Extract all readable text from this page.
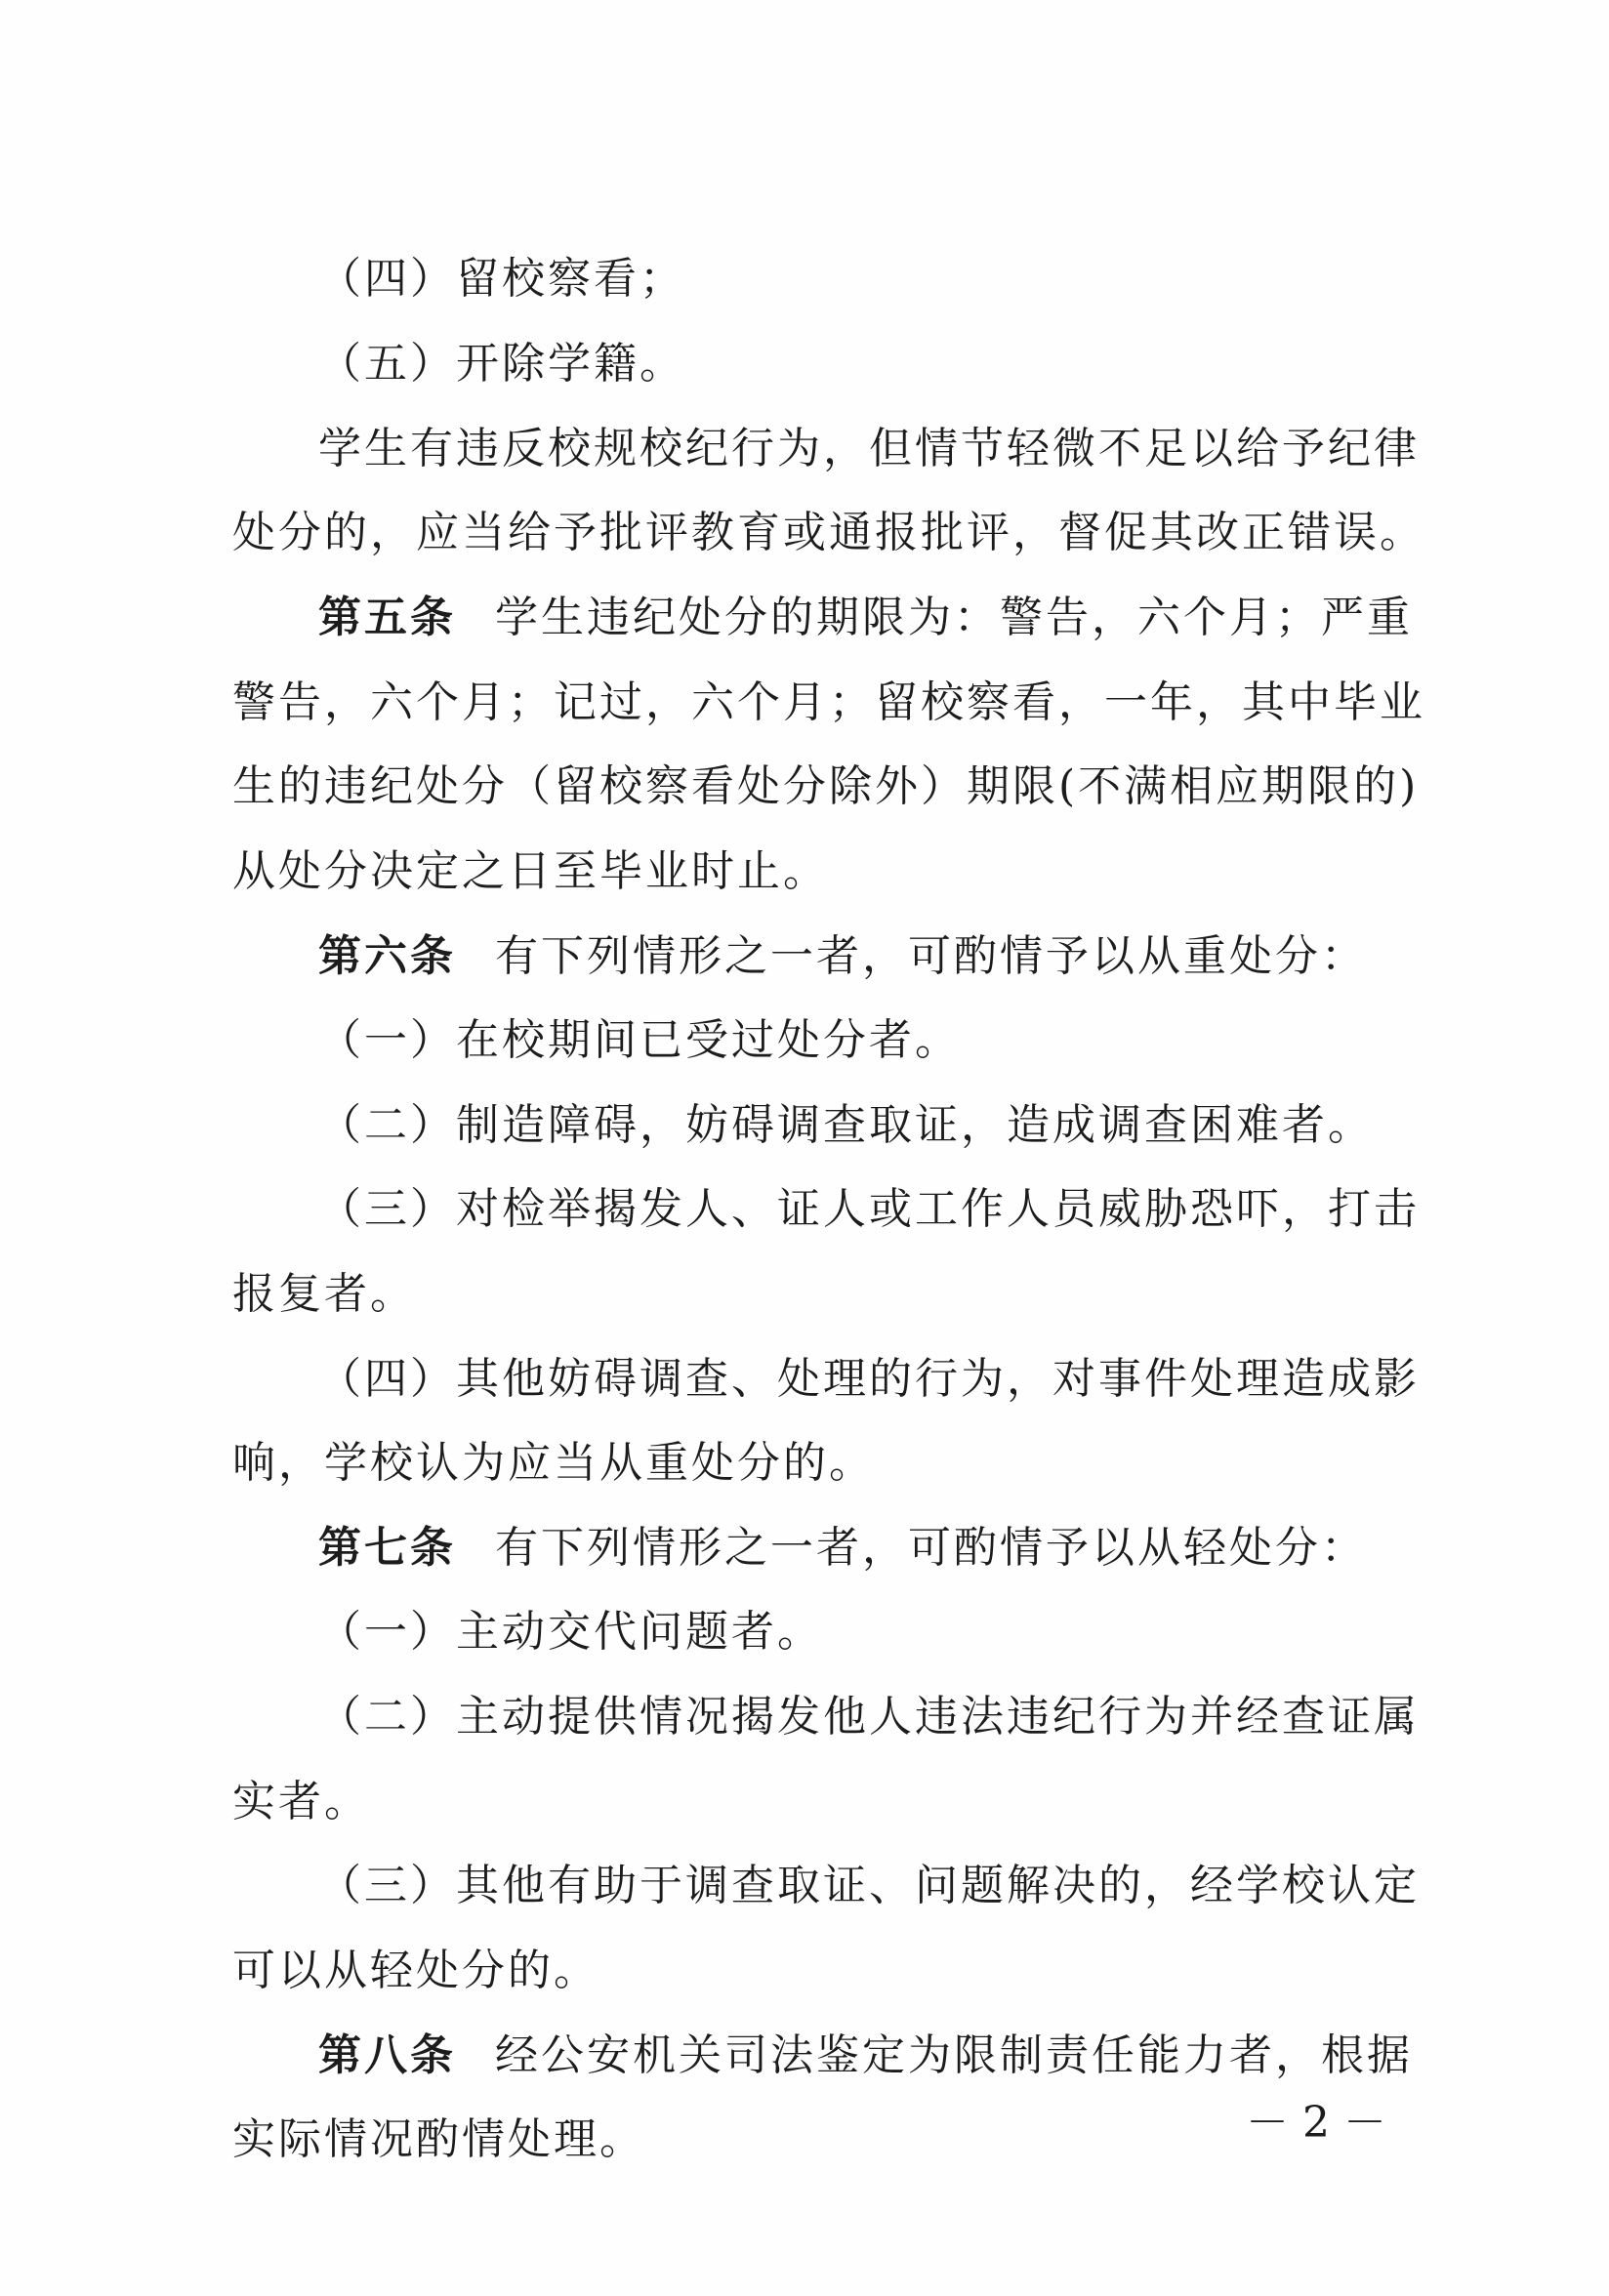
（四）留校察看；
（五）开除学籍。
学生有违反校规校纪行为，但情节轻微不足以给予纪律
处分的，应当给予批评教育或通报批评，督促其改正错误。
第五条 学生违纪处分的期限为：警告，六个月；严重
警告，六个月；记过，六个月；留校察看，一年，其中毕业
生的违纪处分（留校察看处分除外）期限(不满相应期限的)
从处分决定之日至毕业时止。
第六条 有下列情形之一者，可酌情予以从重处分：
（一）在校期间已受过处分者。
（二）制造障碍，妨碍调查取证，造成调查困难者。
（三）对检举揭发人、证人或工作人员威胁恐吓，打击
报复者。
（四）其他妨碍调查、处理的行为，对事件处理造成影
响，学校认为应当从重处分的。
第七条 有下列情形之一者，可酌情予以从轻处分：
（一）主动交代问题者。
（二）主动提供情况揭发他人违法违纪行为并经查证属
实者。
（三）其他有助于调查取证、问题解决的，经学校认定
可以从轻处分的。
第八条 经公安机关司法鉴定为限制责任能力者，根据
实际情况酌情处理。	－ 2 －
